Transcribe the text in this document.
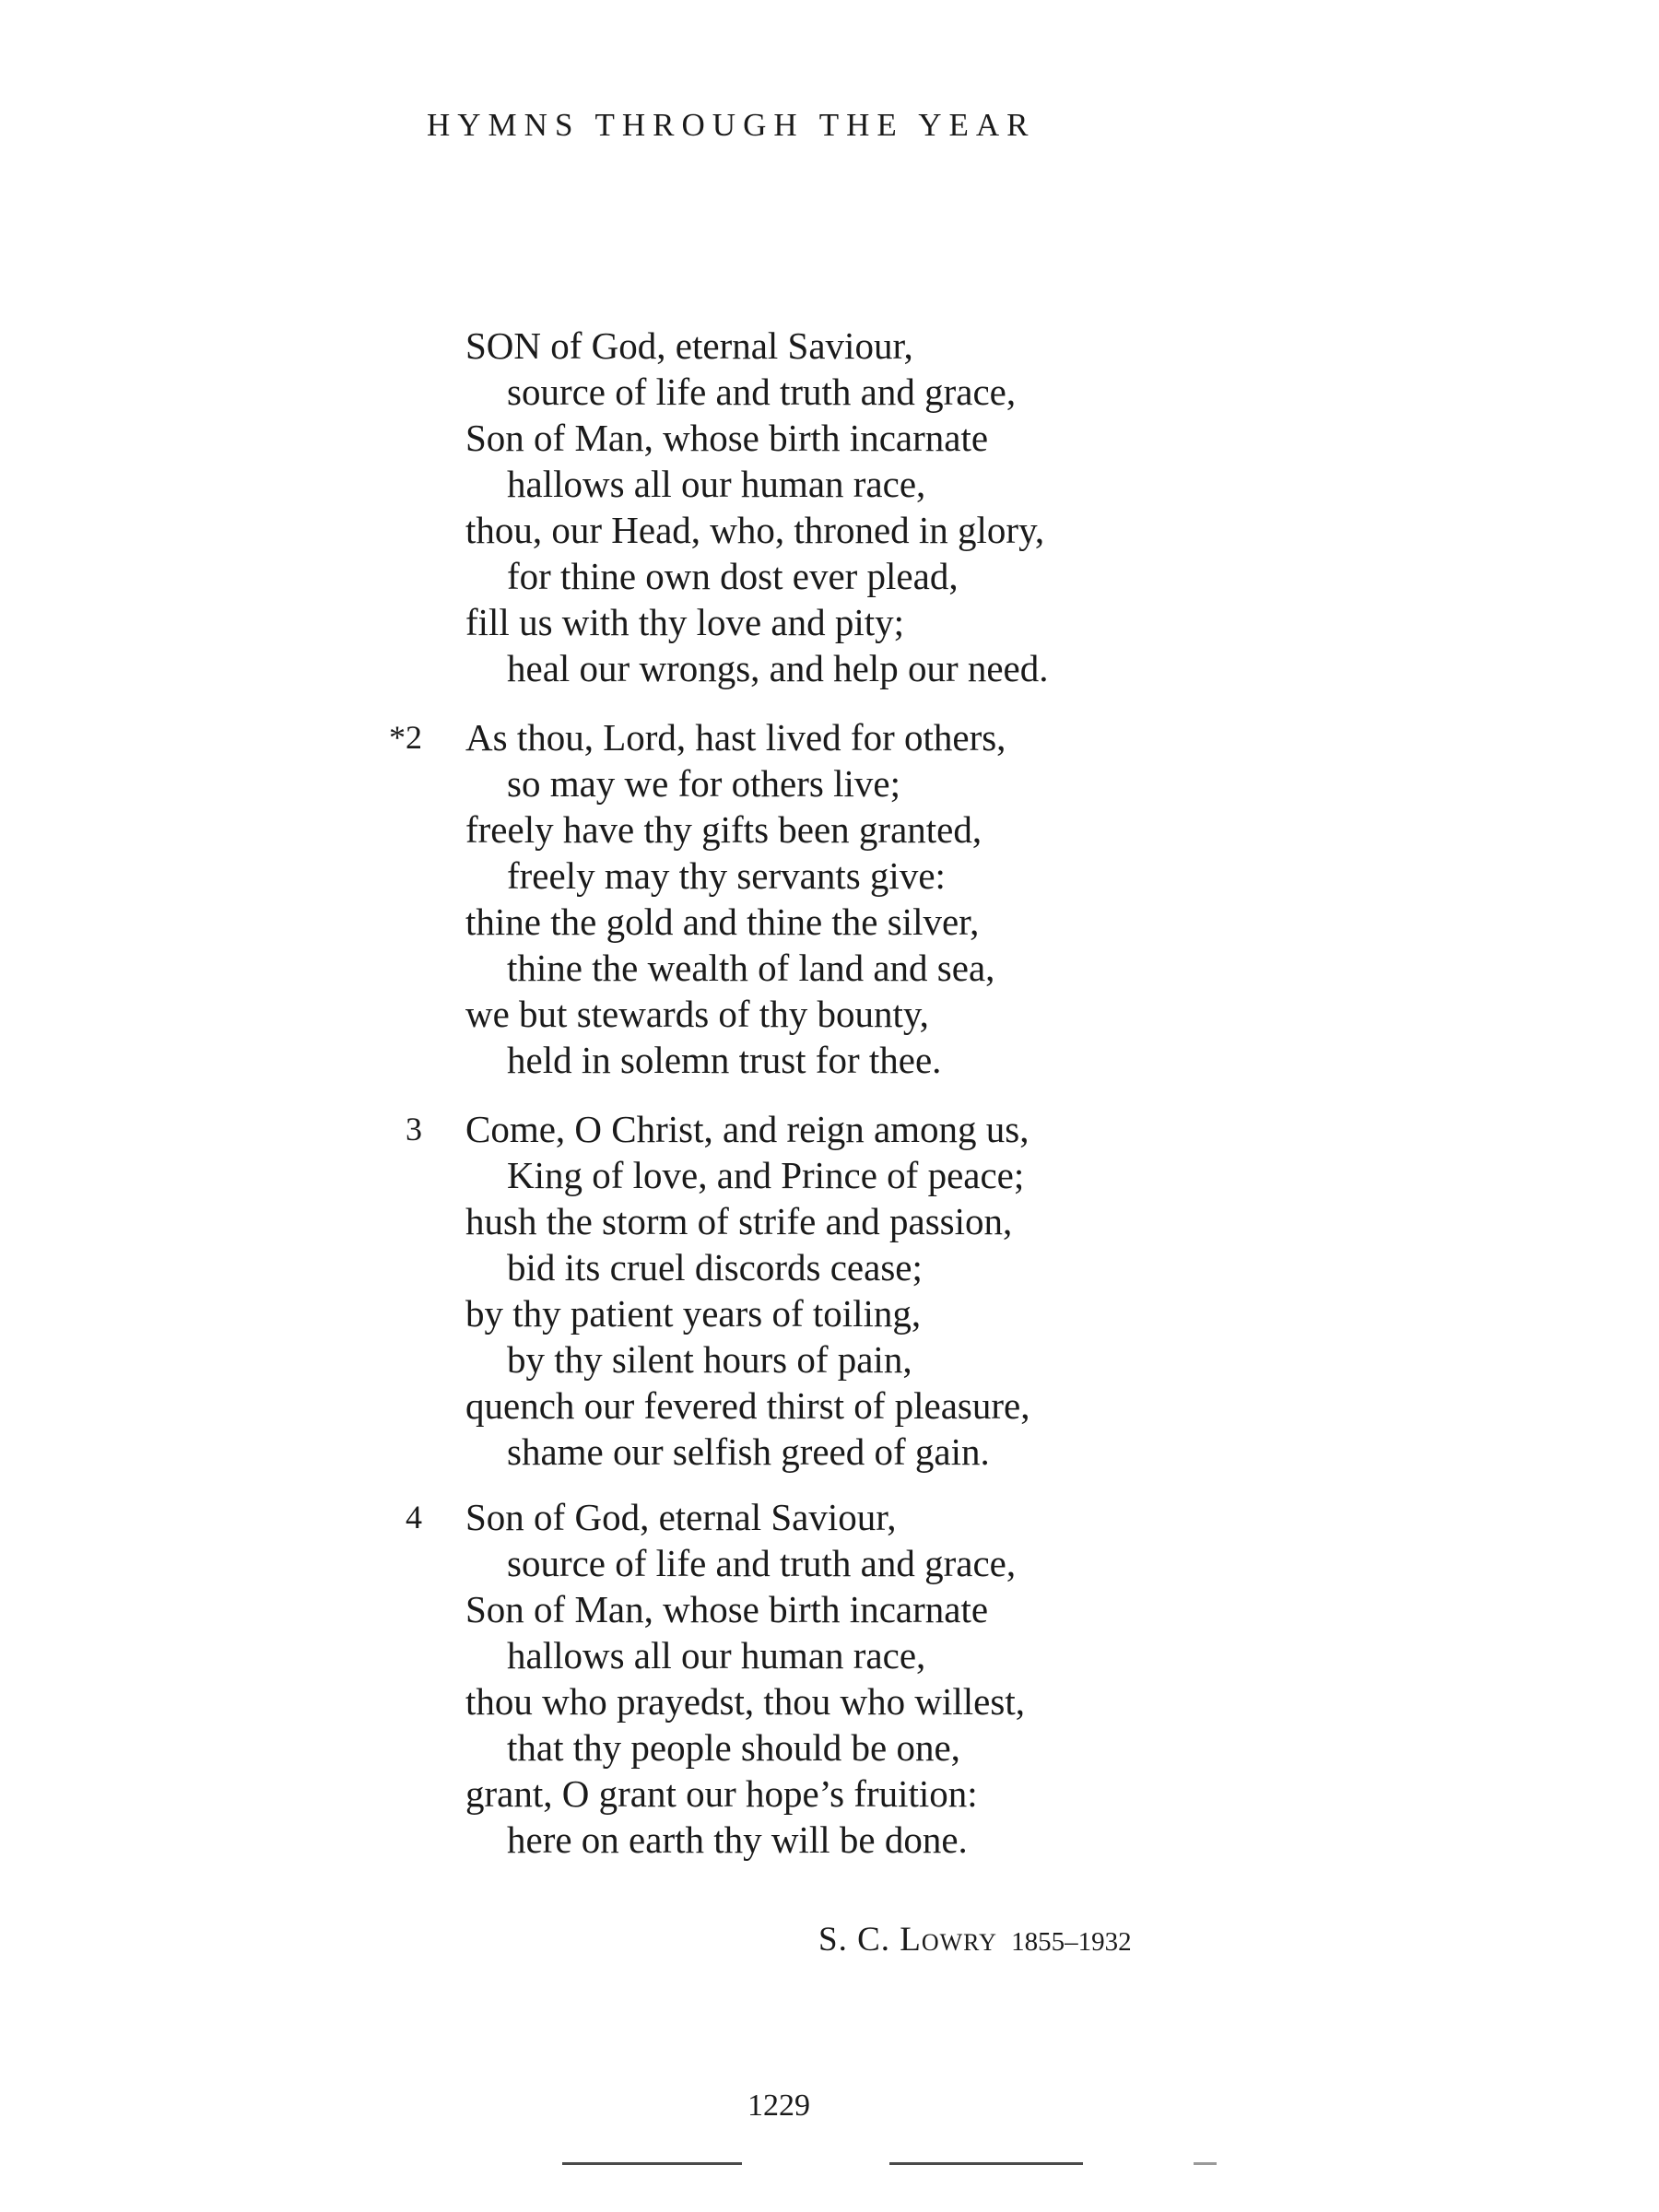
HYMNS THROUGH THE YEAR
SON of God, eternal Saviour,
source of life and truth and grace,
Son of Man, whose birth incarnate
hallows all our human race,
thou, our Head, who, throned in glory,
for thine own dost ever plead,
fill us with thy love and pity;
heal our wrongs, and help our need.
*2 As thou, Lord, hast lived for others,
so may we for others live;
freely have thy gifts been granted,
freely may thy servants give:
thine the gold and thine the silver,
thine the wealth of land and sea,
we but stewards of thy bounty,
held in solemn trust for thee.
3 Come, O Christ, and reign among us,
King of love, and Prince of peace;
hush the storm of strife and passion,
bid its cruel discords cease;
by thy patient years of toiling,
by thy silent hours of pain,
quench our fevered thirst of pleasure,
shame our selfish greed of gain.
4 Son of God, eternal Saviour,
source of life and truth and grace,
Son of Man, whose birth incarnate
hallows all our human race,
thou who prayedst, thou who willest,
that thy people should be one,
grant, O grant our hope’s fruition:
here on earth thy will be done.
S. C. Lowry 1855–1932
1229
